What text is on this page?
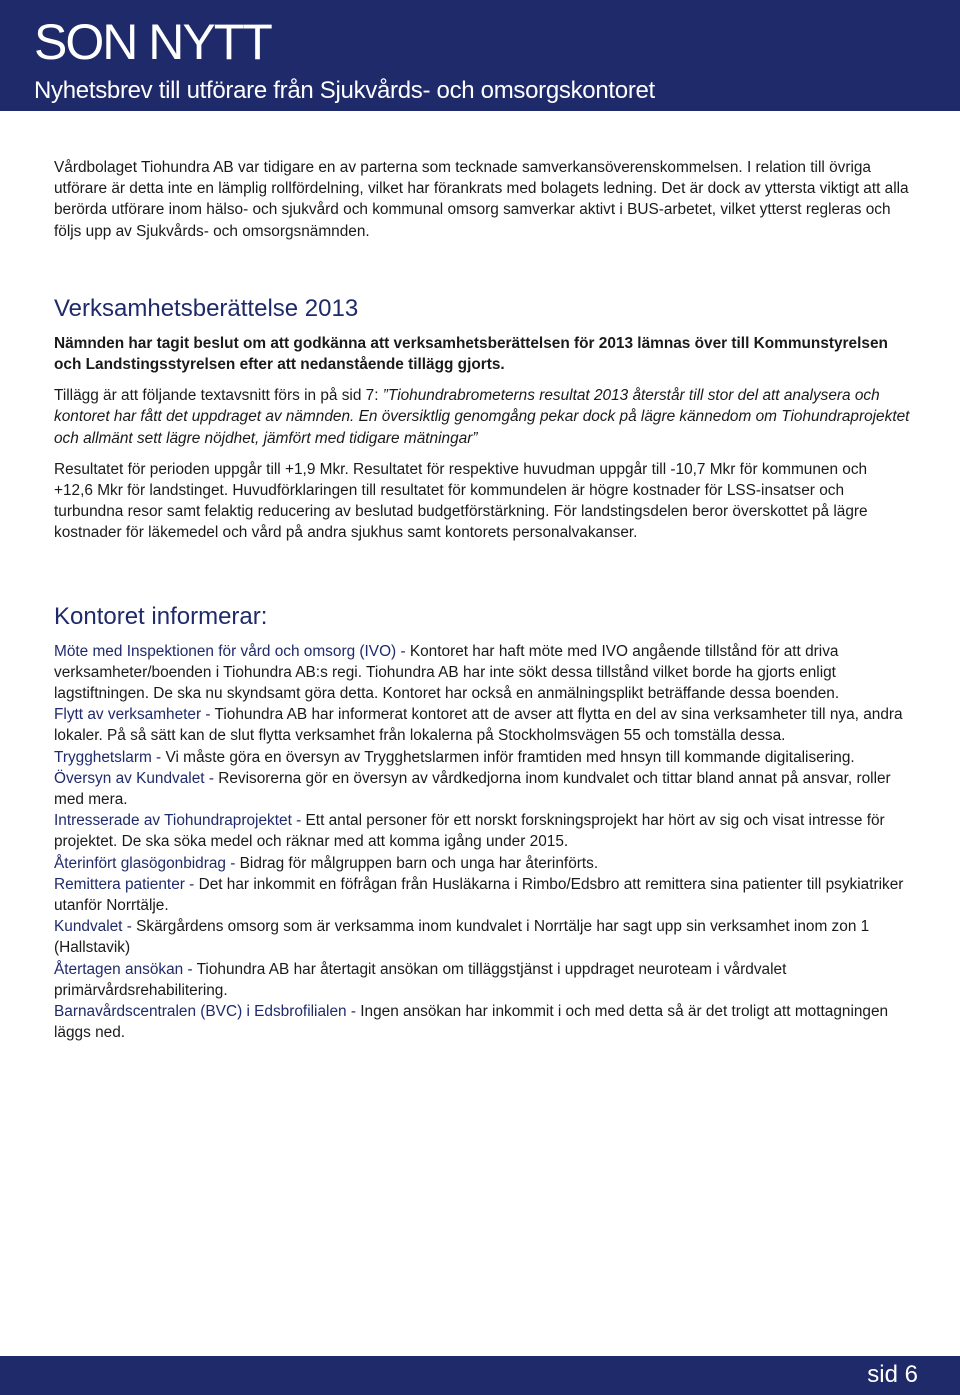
SON NYTT
Nyhetsbrev till utförare från Sjukvårds- och omsorgskontoret

Vårdbolaget Tiohundra AB var tidigare en av parterna som tecknade samverkansöverenskommelsen. I relation till övriga utförare är detta inte en lämplig rollfördelning, vilket har förankrats med bolagets ledning. Det är dock av yttersta viktigt att alla berörda utförare inom hälso- och sjukvård och kommunal omsorg samverkar aktivt i BUS-arbetet, vilket ytterst regleras och följs upp av Sjukvårds- och omsorgsnämnden.

Verksamhetsberättelse 2013

Nämnden har tagit beslut om att godkänna att verksamhetsberättelsen för 2013 lämnas över till Kommunstyrelsen och Landstingsstyrelsen efter att nedanstående tillägg gjorts.

Tillägg är att följande textavsnitt förs in på sid 7: ”Tiohundrabrometerns resultat 2013 återstår till stor del att analysera och kontoret har fått det uppdraget av nämnden. En översiktlig genomgång pekar dock på lägre kännedom om Tiohundraprojektet och allmänt sett lägre nöjdhet, jämfört med tidigare mätningar”

Resultatet för perioden uppgår till +1,9 Mkr. Resultatet för respektive huvudman uppgår till -10,7 Mkr för kommunen och +12,6 Mkr för landstinget. Huvudförklaringen till resultatet för kommundelen är högre kostnader för LSS-insatser och turbundna resor samt felaktig reducering av beslutad budgetförstärkning. För landstingsdelen beror överskottet på lägre kostnader för läkemedel och vård på andra sjukhus samt kontorets personalvakanser.

Kontoret informerar:

Möte med Inspektionen för vård och omsorg (IVO) - Kontoret har haft möte med IVO angående tillstånd för att driva verksamheter/boenden i Tiohundra AB:s regi. Tiohundra AB har inte sökt dessa tillstånd vilket borde ha gjorts enligt lagstiftningen. De ska nu skyndsamt göra detta. Kontoret har också en anmälningsplikt beträffande dessa boenden.

Flytt av verksamheter - Tiohundra AB har informerat kontoret att de avser att flytta en del av sina verksamheter till nya, andra lokaler. På så sätt kan de slut flytta verksamhet från lokalerna på Stockholmsvägen 55 och tomställa dessa.

Trygghetslarm - Vi måste göra en översyn av Trygghetslarmen inför framtiden med hnsyn till kommande digitalisering.

Översyn av Kundvalet - Revisorerna gör en översyn av vårdkedjorna inom kundvalet och tittar bland annat på ansvar, roller med mera.

Intresserade av Tiohundraprojektet - Ett antal personer för ett norskt forskningsprojekt har hört av sig och visat intresse för projektet. De ska söka medel och räknar med att komma igång under 2015.

Återinfört glasögonbidrag - Bidrag för målgruppen barn och unga har återinförts.

Remittera patienter - Det har inkommit en föfrågan från Husläkarna i Rimbo/Edsbro att remittera sina patienter till psykiatriker utanför Norrtälje.

Kundvalet - Skärgårdens omsorg som är verksamma inom kundvalet i Norrtälje har sagt upp sin verksamhet inom zon 1 (Hallstavik)

Återtagen ansökan - Tiohundra AB har återtagit ansökan om tilläggstjänst i uppdraget neuroteam i vårdvalet primärvårdsrehabilitering.

Barnavårdscentralen (BVC) i Edsbrofilialen - Ingen ansökan har inkommit i och med detta så är det troligt att mottagningen läggs ned.

sid 6
